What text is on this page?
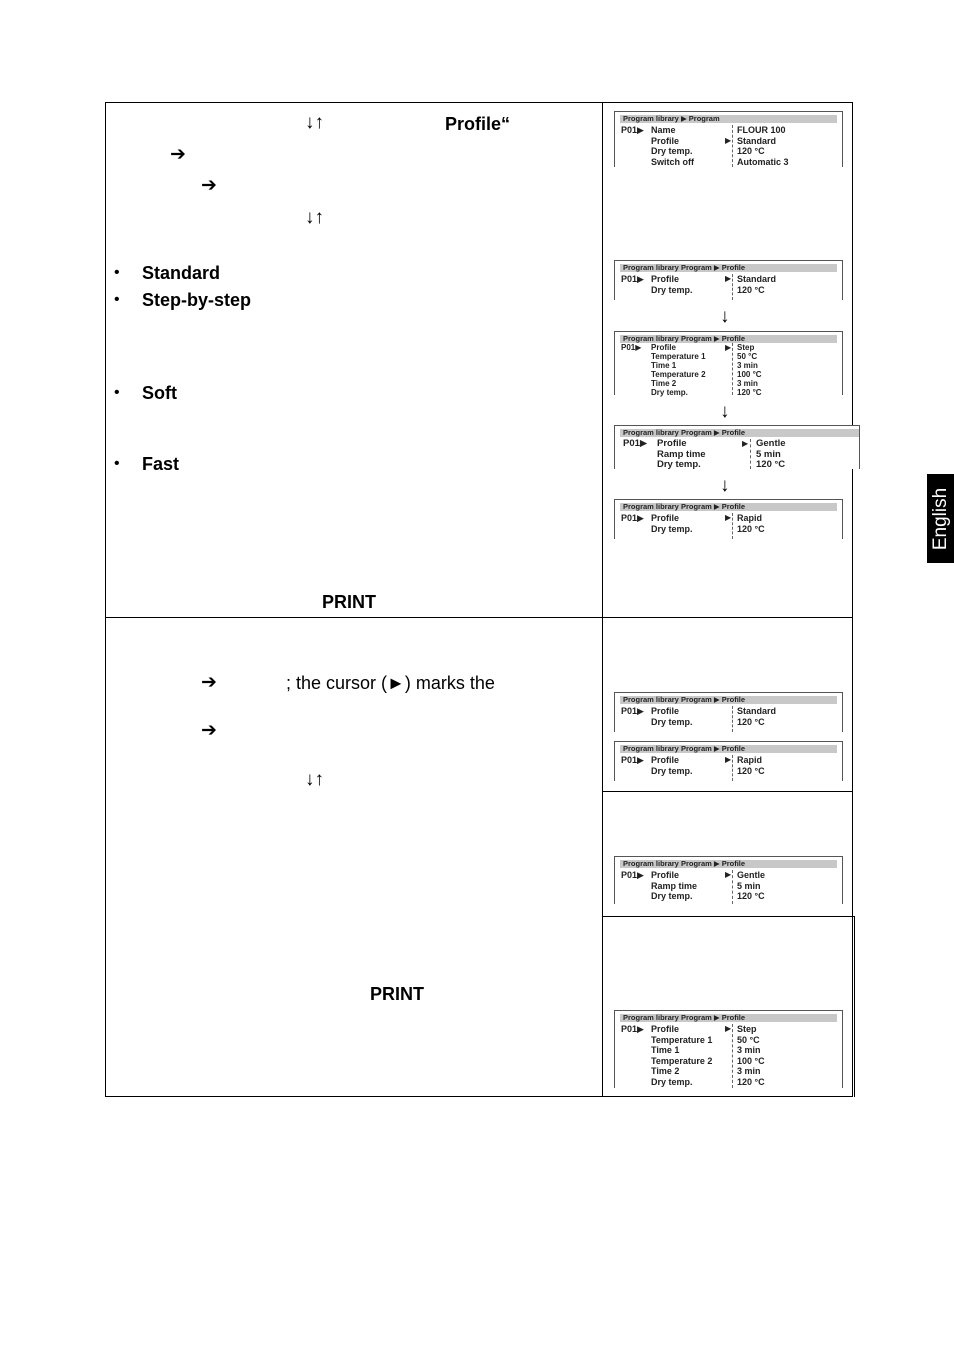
↓↑	Profile“
➔
➔
↓↑
• Standard
• Step-by-step
• Soft
• Fast
PRINT
➔	; the cursor (►) marks the
➔
↓↑
PRINT
English
Program library ▶ Program
P01▶ Name
Profile
Dry temp.
Switch off
▶
FLOUR 100
Standard
120 °C
Automatic 3
Program library Program ▶ Profile
P01▶ Profile
Dry temp.
▶ Standard
120 °C
↓
Program library Program ▶ Profile
P01▶ Profile
Temperature 1
Time 1
Temperature 2
Time 2
Dry temp.
▶ Step
50 °C
3 min
100 °C
3 min
120 °C
↓
Program library Program ▶ Profile
P01▶ Profile
Ramp time
Dry temp.
▶ Gentle
5 min
120 °C
↓
Program library Program ▶ Profile
P01▶ Profile
Dry temp.
▶ Rapid
120 °C
Program library Program ▶ Profile
P01▶ Profile
Dry temp.
Standard
120 °C
Program library Program ▶ Profile
P01▶ Profile
Dry temp.
▶ Rapid
120 °C
Program library Program ▶ Profile
P01▶ Profile
Ramp time
Dry temp.
▶ Gentle
5 min
120 °C
Program library Program ▶ Profile
P01▶ Profile
Temperature 1
Time 1
Temperature 2
Time 2
Dry temp.
▶ Step
50 °C
3 min
100 °C
3 min
120 °C
